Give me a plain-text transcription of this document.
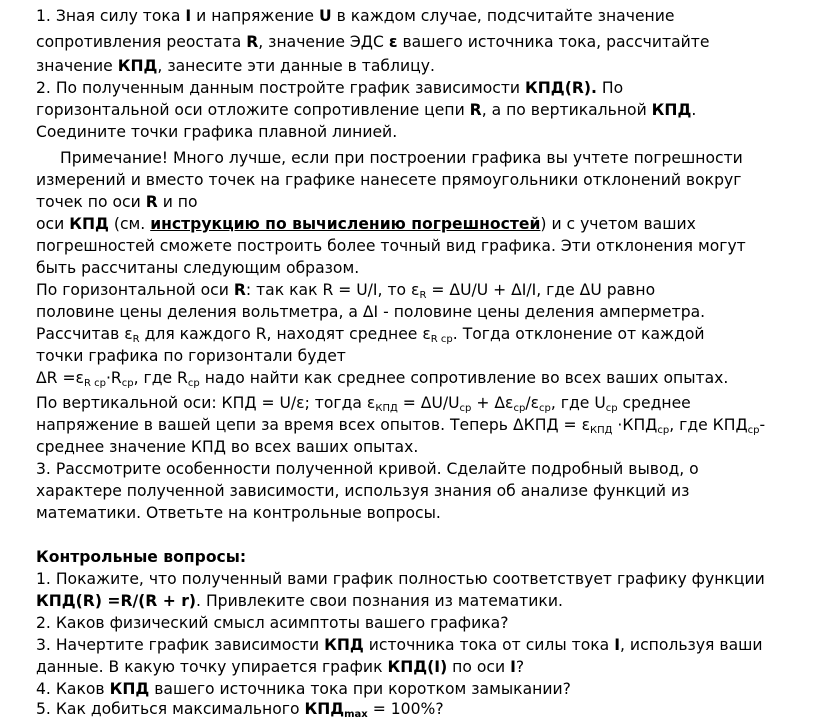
1. Зная силу тока I и напряжение U в каждом случае, подсчитайте значение
сопротивления реостата R, значение ЭДС ε вашего источника тока, рассчитайте
значение КПД, занесите эти данные в таблицу.
2. По полученным данным постройте график зависимости КПД(R). По
горизонтальной оси отложите сопротивление цепи R, а по вертикальной КПД.
Соедините точки графика плавной линией.
Примечание! Много лучше, если при построении графика вы учтете погрешности
измерений и вместо точек на графике нанесете прямоугольники отклонений вокруг
точек по оси R и по
оси КПД (см. инструкцию по вычислению погрешностей) и с учетом ваших
погрешностей сможете построить более точный вид графика. Эти отклонения могут
быть рассчитаны следующим образом.
По горизонтальной оси R: так как R = U/I, то $\varepsilon_R = \Delta U/U + \Delta I/I$, где ΔU равно
половине цены деления вольтметра, а ΔI - половине цены деления амперметра.
Рассчитав $\varepsilon_R$ для каждого R, находят среднее $\varepsilon_{R ср}$. Тогда отклонение от каждой
точки графика по горизонтали будет
$\Delta R =\varepsilon_{R ср}\cdot R_{ср}$, где $R_{ср}$ надо найти как среднее сопротивление во всех ваших опытах.
По вертикальной оси: КПД = U/ε; тогда $\varepsilon_{КПД} = \Delta U/U_{ср} + \Delta\varepsilon_{ср}/\varepsilon_{ср}$, где $U_{ср}$ среднее
напряжение в вашей цепи за время всех опытов. Теперь $\Delta КПД = \varepsilon_{КПД} \cdot КПД_{ср}$, где $КПД_{ср}-$
среднее значение КПД во всех ваших опытах.
3. Рассмотрите особенности полученной кривой. Сделайте подробный вывод, о
характере полученной зависимости, используя знания об анализе функций из
математики. Ответьте на контрольные вопросы.
Контрольные вопросы:
1. Покажите, что полученный вами график полностью соответствует графику функции
КПД(R) =R/(R + r). Привлеките свои познания из математики.
2. Каков физический смысл асимптоты вашего графика?
3. Начертите график зависимости КПД источника тока от силы тока I, используя ваши
данные. В какую точку упирается график КПД(I) по оси I?
4. Каков КПД вашего источника тока при коротком замыкании?
5. Как добиться максимального $КПД_{max} = 100\%$?
